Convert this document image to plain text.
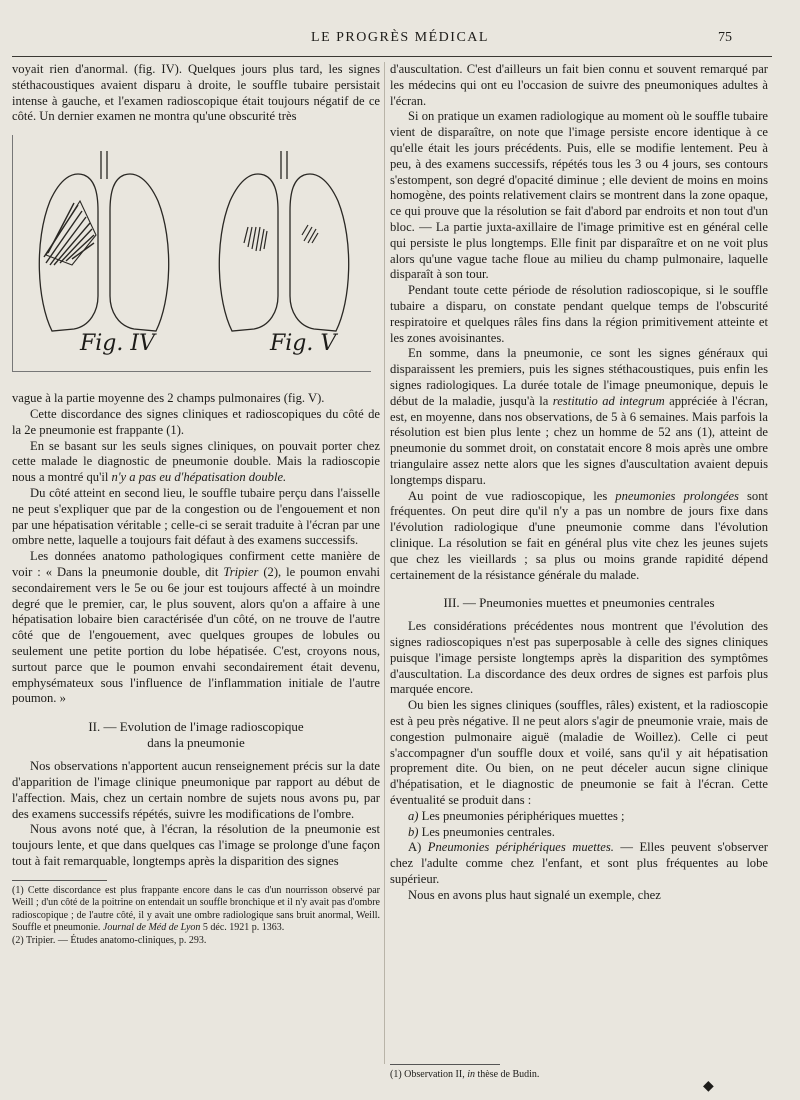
LE PROGRÈS MÉDICAL	75

voyait rien d'anormal. (fig. IV). Quelques jours plus tard, les signes stéthacoustiques avaient disparu à droite, le souffle tubaire persistait intense à gauche, et l'examen radioscopique était toujours négatif de ce côté. Un dernier examen ne montra qu'une obscurité très

Fig. IV	Fig. V

vague à la partie moyenne des 2 champs pulmonaires (fig. V).

Cette discordance des signes cliniques et radioscopiques du côté de la 2e pneumonie est frappante (1).

En se basant sur les seuls signes cliniques, on pouvait porter chez cette malade le diagnostic de pneumonie double. Mais la radioscopie nous a montré qu'il n'y a pas eu d'hépatisation double.

Du côté atteint en second lieu, le souffle tubaire perçu dans l'aisselle ne peut s'expliquer que par de la congestion ou de l'engouement et non par une hépatisation véritable ; celle-ci se serait traduite à l'écran par une ombre nette, laquelle a toujours fait défaut à des examens successifs.

Les données anatomo pathologiques confirment cette manière de voir : « Dans la pneumonie double, dit Tripier (2), le poumon envahi secondairement vers le 5e ou 6e jour est toujours affecté à un moindre degré que le premier, car, le plus souvent, alors qu'on a affaire à une hépatisation lobaire bien caractérisée d'un côté, on ne trouve de l'autre côté que de l'engouement, avec quelques groupes de lobules ou seulement une petite portion du lobe hépatisée. C'est, croyons nous, surtout parce que le poumon envahi secondairement était devenu, emphysémateux sous l'influence de l'inflammation initiale de l'autre poumon. »

II. — Evolution de l'image radioscopique
dans la pneumonie

Nos observations n'apportent aucun renseignement précis sur la date d'apparition de l'image clinique pneumonique par rapport au début de l'affection. Mais, chez un certain nombre de sujets nous avons pu, par des examens successifs répétés, suivre les modifications de l'ombre.

Nous avons noté que, à l'écran, la résolution de la pneumonie est toujours lente, et que dans quelques cas l'image se prolonge d'une façon tout à fait remarquable, longtemps après la disparition des signes

(1) Cette discordance est plus frappante encore dans le cas d'un nourrisson observé par Weill ; d'un côté de la poitrine on entendait un souffle bronchique et il n'y avait pas d'ombre radioscopique ; de l'autre côté, il y avait une ombre radiologique sans bruit anormal, Weill. Souffle et pneumonie. Journal de Méd de Lyon 5 déc. 1921 p. 1363.
(2) Tripier. — Études anatomo-cliniques, p. 293.

d'auscultation. C'est d'ailleurs un fait bien connu et souvent remarqué par les médecins qui ont eu l'occasion de suivre des pneumoniques adultes à l'écran.

Si on pratique un examen radiologique au moment où le souffle tubaire vient de disparaître, on note que l'image persiste encore identique à ce qu'elle était les jours précédents. Puis, elle se modifie lentement. Peu à peu, à des examens successifs, répétés tous les 3 ou 4 jours, ses contours s'estompent, son degré d'opacité diminue ; elle devient de moins en moins homogène, des points relativement clairs se montrent dans la zone opaque, ce qui prouve que la résolution se fait d'abord par endroits et non tout d'un bloc. — La partie juxta-axillaire de l'image primitive est en général celle qui persiste le plus longtemps. Elle finit par disparaître et on ne voit plus alors qu'une vague tache floue au milieu du champ pulmonaire, laquelle disparaît à son tour.

Pendant toute cette période de résolution radioscopique, si le souffle tubaire a disparu, on constate pendant quelque temps de l'obscurité respiratoire et quelques râles fins dans la région primitivement atteinte et les zones avoisinantes.

En somme, dans la pneumonie, ce sont les signes généraux qui disparaissent les premiers, puis les signes stéthacoustiques, puis enfin les signes radiologiques. La durée totale de l'image pneumonique, depuis le début de la maladie, jusqu'à la restitutio ad integrum appréciée à l'écran, est, en moyenne, dans nos observations, de 5 à 6 semaines. Mais parfois la résolution est bien plus lente ; chez un homme de 52 ans (1), atteint de pneumonie du sommet droit, on constatait encore 8 mois après une ombre triangulaire assez nette alors que les signes d'auscultation avaient depuis longtemps disparu.

Au point de vue radioscopique, les pneumonies prolongées sont fréquentes. On peut dire qu'il n'y a pas un nombre de jours fixe dans l'évolution radiologique d'une pneumonie comme dans l'évolution clinique. La résolution se fait en général plus vite chez les jeunes sujets que chez les vieillards ; sa plus ou moins grande rapidité dépend certainement de la résistance générale du malade.

III. — Pneumonies muettes et pneumonies centrales

Les considérations précédentes nous montrent que l'évolution des signes radioscopiques n'est pas superposable à celle des signes cliniques puisque l'image persiste longtemps après la disparition des symptômes d'auscultation. La discordance des deux ordres de signes est parfois plus marquée encore.

Ou bien les signes cliniques (souffles, râles) existent, et la radioscopie est à peu près négative. Il ne peut alors s'agir de pneumonie vraie, mais de congestion pulmonaire aiguë (maladie de Woillez). Celle ci peut s'accompagner d'un souffle doux et voilé, sans qu'il y ait hépatisation proprement dite. Ou bien, on ne peut déceler aucun signe clinique d'hépatisation, et le diagnostic de pneumonie se fait à l'écran. Cette éventualité se produit dans :

a) Les pneumonies périphériques muettes ;

b) Les pneumonies centrales.

A) Pneumonies périphériques muettes. — Elles peuvent s'observer chez l'adulte comme chez l'enfant, et sont plus fréquentes au lobe supérieur.

Nous en avons plus haut signalé un exemple, chez

(1) Observation II, in thèse de Budin.
◆
